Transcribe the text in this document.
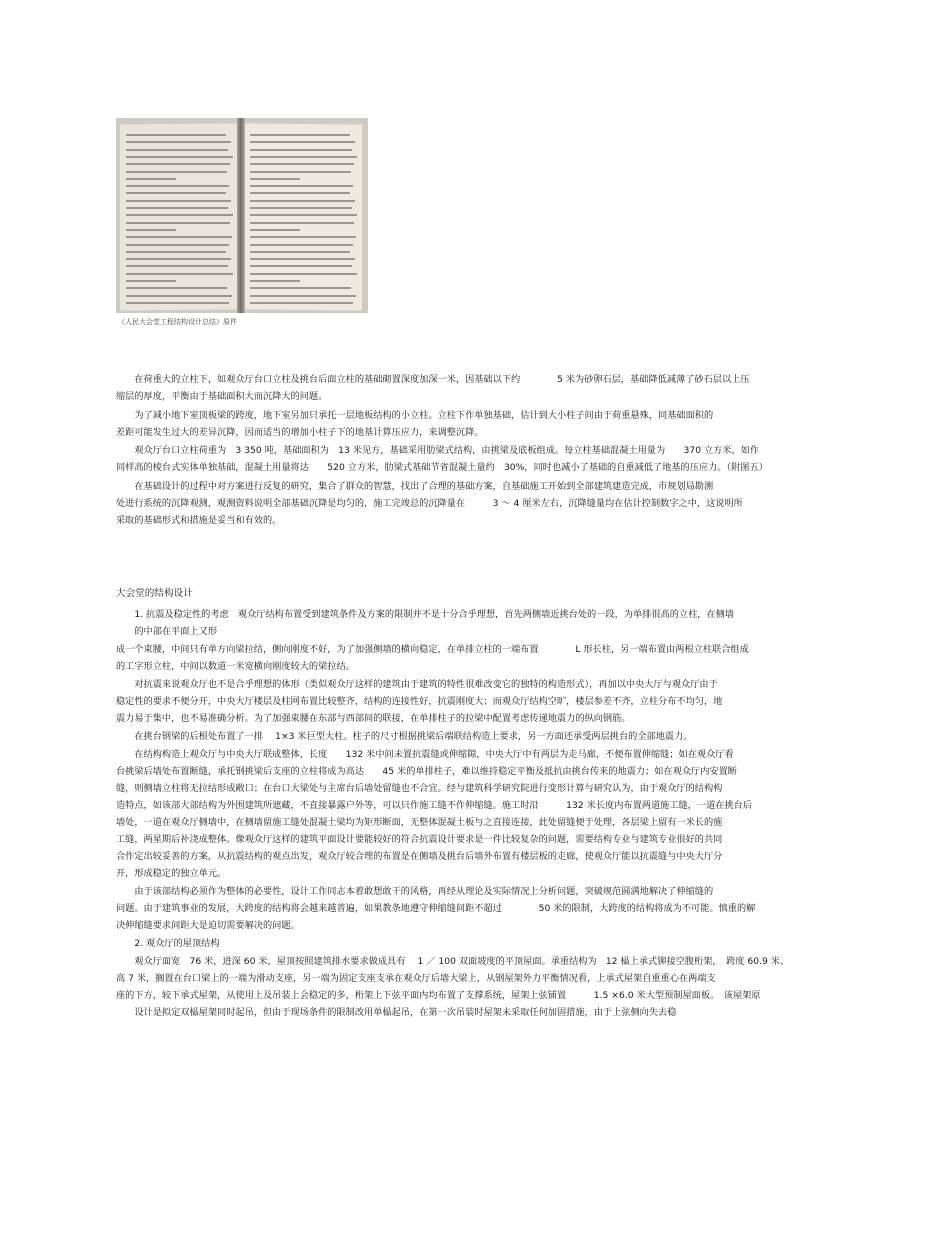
《人民大会堂工程结构设计总结》原件
　　在荷重大的立柱下，如观众厅台口立柱及挑台后面立柱的基础砌置深度加深一米，因基础以下约　　　　5 米为砂卵石层，基础降低减薄了砂石层以上压
缩层的厚度，平衡由于基础面积大而沉降大的问题。
　　为了减小地下室顶板梁的跨度，地下室另加只承托一层地板结构的小立柱。立柱下作单独基础，估计到大小柱子间由于荷重悬殊，同基础面积的
差距可能发生过大的差异沉降，因而适当的增加小柱子下的地基计算压应力，来调整沉降。
　　观众厅台口立柱荷重为　3 350 吨，基础面积为　13 米见方，基础采用肋梁式结构，由挑梁及底板组成。每立柱基础混凝土用量为　　370 立方米，如作
同样高的棱台式实体单独基础，混凝土用量将达　　520 立方米，肋梁式基础节省混凝土量约　30%，同时也减小了基础的自重减低了地基的压应力。（附图五）
　　在基础设计的过程中对方案进行反复的研究，集合了群众的智慧，找出了合理的基础方案，自基础施工开始到全部建筑建造完成，市规划局勘测
处进行系统的沉降观测，观测资料说明全部基础沉降是均匀的，施工完竣总的沉降量在　　　3 ～ 4 厘米左右，沉降缝量均在估计控制数字之中，这说明所
采取的基础形式和措施是妥当和有效的。
大会堂的结构设计
　　1. 抗震及稳定性的考虑　观众厅结构布置受到建筑条件及方案的限制并不是十分合乎理想，首先两侧墙近挑台处的一段，为单排很高的立柱，在侧墙
　　的中部在平面上又形
成一个束腰，中间只有单方向梁拉结，侧向刚度不好，为了加强侧墙的横向稳定，在单排立柱的一端布置　　　　L 形长柱，另一端布置由两根立柱联合组成
的工字形立柱，中间以数道一米宽横向刚度较大的梁拉结。
　　对抗震来说观众厅也不是合乎理想的体形（类似观众厅这样的建筑由于建筑的特性很难改变它的独特的构造形式），再加以中央大厅与观众厅由于
稳定性的要求不便分开，中央大厅楼层及柱网布置比较整齐，结构的连接性好，抗震刚度大；而观众厅结构空旷，楼层参差不齐，立柱分布不均匀，地
震力易于集中，也不易准确分析。为了加强束腰在东部与西部间的联接，在单排柱子的拉梁中配置考虑传递地震力的纵向钢筋。
　　在挑台钢梁的后根处布置了一排　 1×3 米巨型大柱。柱子的尺寸根据挑梁后端联结构造上要求，另一方面还承受两层挑台的全部地震力。
　　在结构构造上观众厅与中央大厅联成整体，长度　　132 米中间未置抗震缝或伸缩隙，中央大厅中有两层为走马廊，不便布置伸缩缝；如在观众厅看
台挑梁后墙处布置断缝，承托钢挑梁后支座的立柱将成为高达　　45 米的单排柱子，难以维持稳定平衡及抵抗由挑台传来的地震力；如在观众厅内安置断
缝，则侧墙立柱将无拉结形成敞口；在台口大梁处与主席台后墙处留缝也不合宜。经与建筑科学研究院进行变形计算与研究认为，由于观众厅的结构构
造特点，如该部大部结构为外围建筑所遮藏，不直接暴露户外等，可以只作施工缝不作伸缩缝。施工时沿　　　132 米长度内布置两道施工缝，一道在挑台后
墙处，一道在观众厅侧墙中，在侧墙留施工缝处混凝土梁均为矩形断面，无整体混凝土板与之直接连接，此处留缝便于处理，各层梁上留有一米长的施
工缝，两星期后补浇成整体。像观众厅这样的建筑平面设计要能较好的符合抗震设计要求是一件比较复杂的问题，需要结构专业与建筑专业很好的共同
合作定出较妥善的方案，从抗震结构的观点出发，观众厅较合理的布置是在侧墙及挑台后墙外布置有楼层板的走廊，使观众厅能以抗震缝与中央大厅分
开，形成稳定的独立单元。
　　由于该部结构必须作为整体的必要性，设计工作同志本着敢想敢干的风格，再经从理论及实际情况上分析问题，突破规范圆满地解决了伸缩缝的
问题。由于建筑事业的发展，大跨度的结构将会越来越普遍，如果教条地遵守伸缩缝间距不超过　　　　50 米的限制，大跨度的结构将成为不可能。慎重的解
决伸缩缝要求间距大是迫切需要解决的问题。
　　2. 观众厅的屋顶结构
　　观众厅面宽　76 米，进深 60 米，屋顶按照建筑排水要求做成具有　 1 ／ 100 双面坡度的平顶屋面。承重结构为　12 榀上承式铆接空腹桁架，　跨度 60.9 米、
高 7 米，搁置在台口梁上的一端为滑动支座，另一端为固定支座支承在观众厅后墙大梁上，从钢屋架外力平衡情况看，上承式屋架自重重心在两端支
座的下方，较下承式屋架，从使用上及吊装上会稳定的多，桁架上下弦平面内均布置了支撑系统，屋架上弦铺置　　　1.5 ×6.0 米大型预制屋面板。　该屋架原
　　设计是拟定双榀屋架同时起吊，但由于现场条件的限制改用单榀起吊，在第一次吊装时屋架未采取任何加固措施，由于上弦侧向失去稳
